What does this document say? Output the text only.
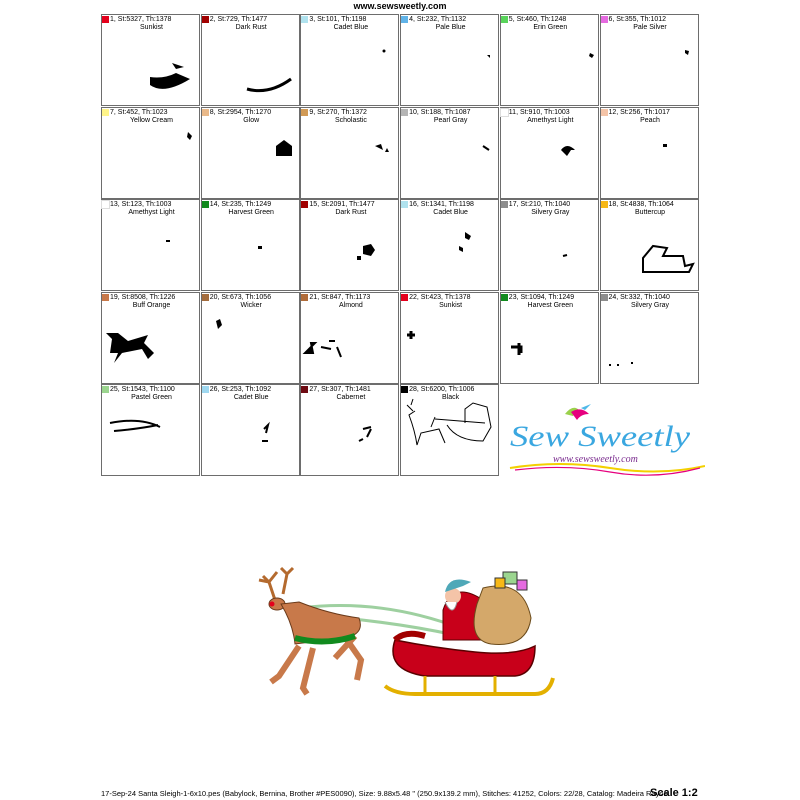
www.sewsweetly.com
1, St:5327, Th:1378
Sunkist
2, St:729, Th:1477
Dark Rust
3, St:101, Th:1198
Cadet Blue
4, St:232, Th:1132
Pale Blue
5, St:460, Th:1248
Erin Green
6, St:355, Th:1012
Pale Silver
7, St:452, Th:1023
Yellow Cream
8, St:2954, Th:1270
Glow
9, St:270, Th:1372
Scholastic
10, St:188, Th:1087
Pearl Gray
11, St:910, Th:1003
Amethyst Light
12, St:256, Th:1017
Peach
13, St:123, Th:1003
Amethyst Light
14, St:235, Th:1249
Harvest Green
15, St:2091, Th:1477
Dark Rust
16, St:1341, Th:1198
Cadet Blue
17, St:210, Th:1040
Silvery Gray
18, St:4838, Th:1064
Buttercup
19, St:8508, Th:1226
Buff Orange
20, St:673, Th:1056
Wicker
21, St:847, Th:1173
Almond
22, St:423, Th:1378
Sunkist
23, St:1094, Th:1249
Harvest Green
24, St:332, Th:1040
Silvery Gray
25, St:1543, Th:1100
Pastel Green
26, St:253, Th:1092
Cadet Blue
27, St:307, Th:1481
Cabernet
28, St:6200, Th:1006
Black
Sew Sweetly
www.sewsweetly.com
17-Sep-24 Santa Sleigh-1-6x10.pes (Babylock, Bernina, Brother #PES0090), Size: 9.88x5.48 " (250.9x139.2 mm), Stitches: 41252, Colors: 22/28, Catalog: Madeira Rayon
Scale 1:2
